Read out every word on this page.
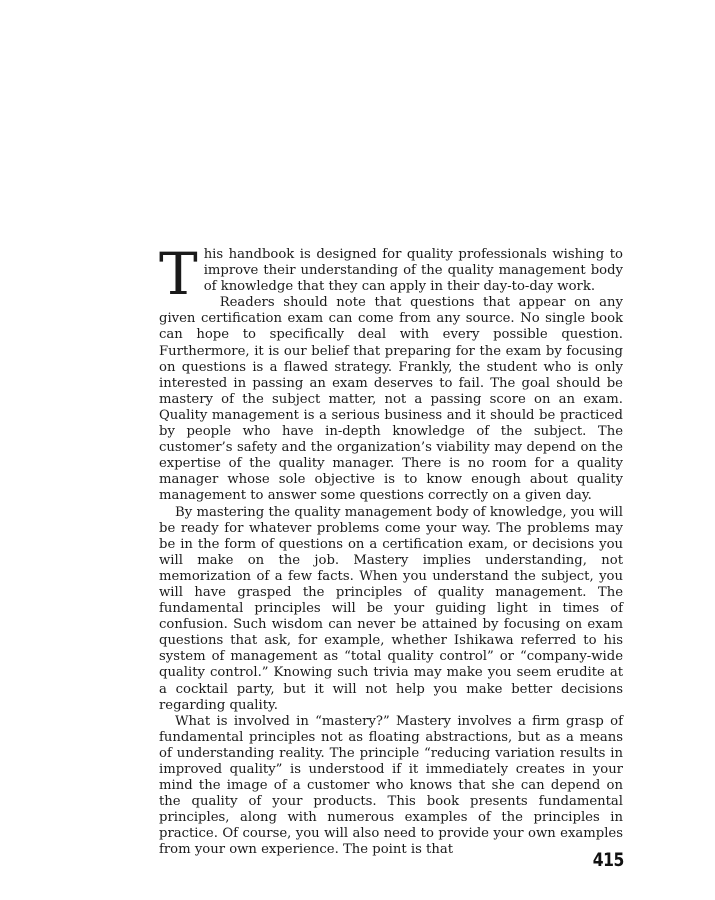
This handbook is designed for quality professionals wishing to improve their understanding of the quality management body of knowledge that they can apply in their day-to-day work.

Readers should note that questions that appear on any given certification exam can come from any source. No single book can hope to specifically deal with every possible question. Furthermore, it is our belief that preparing for the exam by focusing on questions is a flawed strategy. Frankly, the student who is only interested in passing an exam deserves to fail. The goal should be mastery of the subject matter, not a passing score on an exam. Quality management is a serious business and it should be practiced by people who have in-depth knowledge of the subject. The customer’s safety and the organization’s viability may depend on the expertise of the quality manager. There is no room for a quality manager whose sole objective is to know enough about quality management to answer some questions correctly on a given day.

By mastering the quality management body of knowledge, you will be ready for whatever problems come your way. The problems may be in the form of questions on a certification exam, or decisions you will make on the job. Mastery implies understanding, not memorization of a few facts. When you understand the subject, you will have grasped the principles of quality management. The fundamental principles will be your guiding light in times of confusion. Such wisdom can never be attained by focusing on exam questions that ask, for example, whether Ishikawa referred to his system of management as “total quality control” or “company-wide quality control.” Knowing such trivia may make you seem erudite at a cocktail party, but it will not help you make better decisions regarding quality.

What is involved in “mastery?” Mastery involves a firm grasp of fundamental principles not as floating abstractions, but as a means of understanding reality. The principle “reducing variation results in improved quality” is understood if it immediately creates in your mind the image of a customer who knows that she can depend on the quality of your products. This book presents fundamental principles, along with numerous examples of the principles in practice. Of course, you will also need to provide your own examples from your own experience. The point is that	415
